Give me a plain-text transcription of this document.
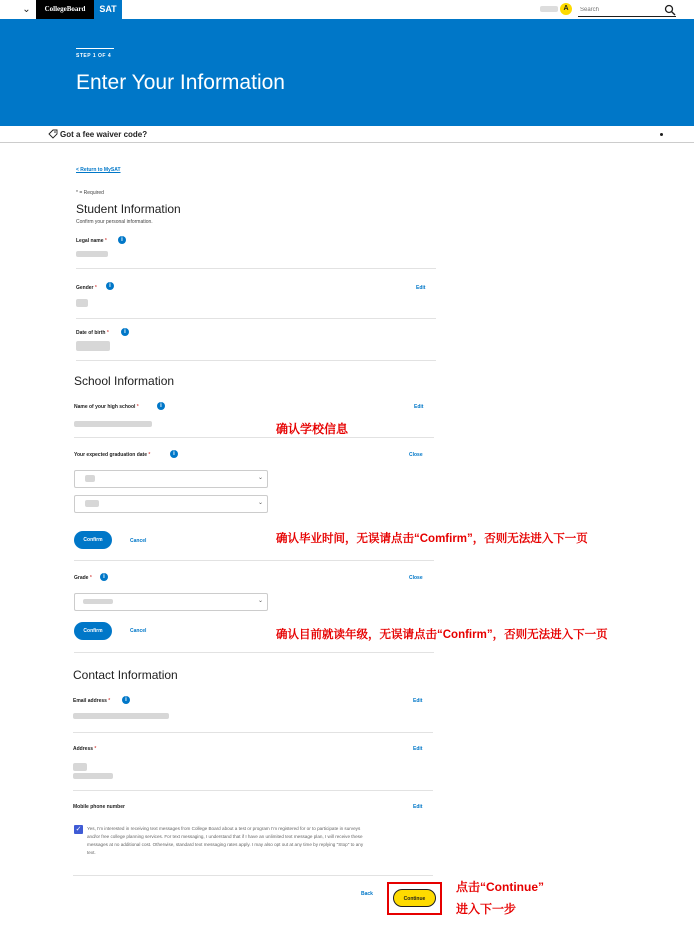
⌄	CollegeBoard	SAT	A
Search
STEP 1 OF 4
Enter Your Information
Got a fee waiver code?
< Return to MySAT
* = Required
Student Information
Confirm your personal information.
Legal name *	i
Gender *	i	Edit
Date of birth *	i
School Information
Name of your high school *	i	Edit
Your expected graduation date *	i	Close
⌄
⌄
Confirm	Cancel
Grade *	i	Close
⌄
Confirm	Cancel
Contact Information
Email address *	i	Edit
Address *	Edit
Mobile phone number	Edit
✓	Yes, I'm interested in receiving text messages from College Board about a test or program I'm registered for or to participate in surveys
and/or free college planning services. For text messaging, I understand that if I have an unlimited text message plan, I will receive these
messages at no additional cost. Otherwise, standard text messaging rates apply. I may also opt out at any time by replying "Stop" to any
text.
Back
Continue
确认学校信息
确认毕业时间，无误请点击“Comfirm”，否则无法进入下一页
确认目前就读年级，无误请点击“Confirm”，否则无法进入下一页
点击“Continue”
进入下一步
